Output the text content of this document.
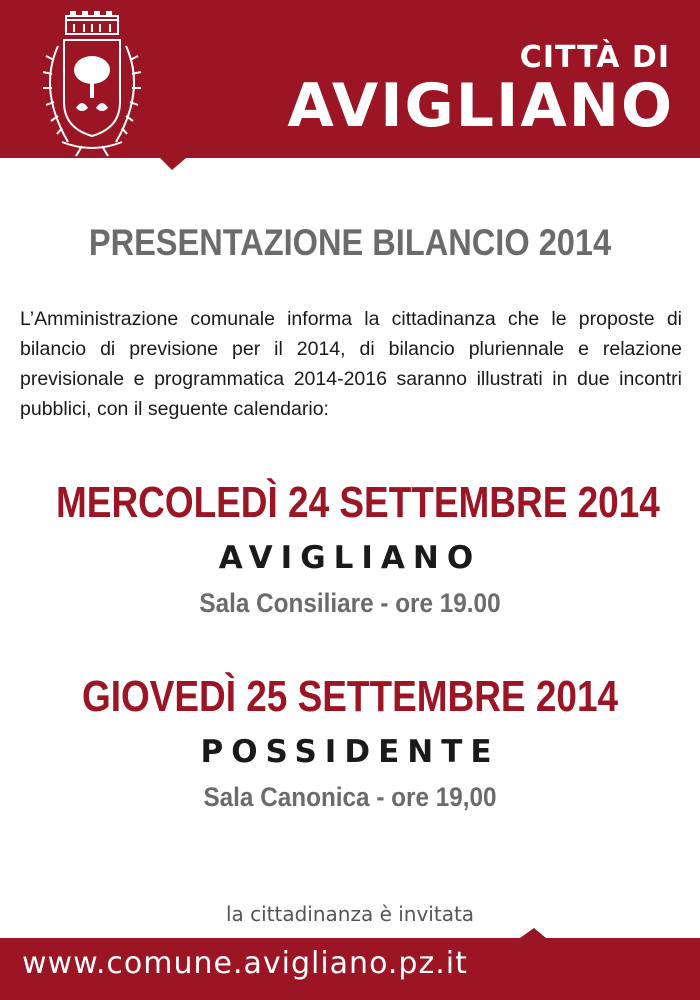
CITTÀ DI
AVIGLIANO
PRESENTAZIONE BILANCIO 2014
L’Amministrazione comunale informa la cittadinanza che le proposte di bilancio di previsione per il 2014, di bilancio pluriennale e relazione previsionale e programmatica 2014-2016 saranno illustrati in due incontri pubblici, con il seguente calendario:
MERCOLEDÌ 24 SETTEMBRE 2014
AVIGLIANO
Sala Consiliare - ore 19.00
GIOVEDÌ 25 SETTEMBRE 2014
POSSIDENTE
Sala Canonica - ore 19,00
la cittadinanza è invitata
www.comune.avigliano.pz.it
